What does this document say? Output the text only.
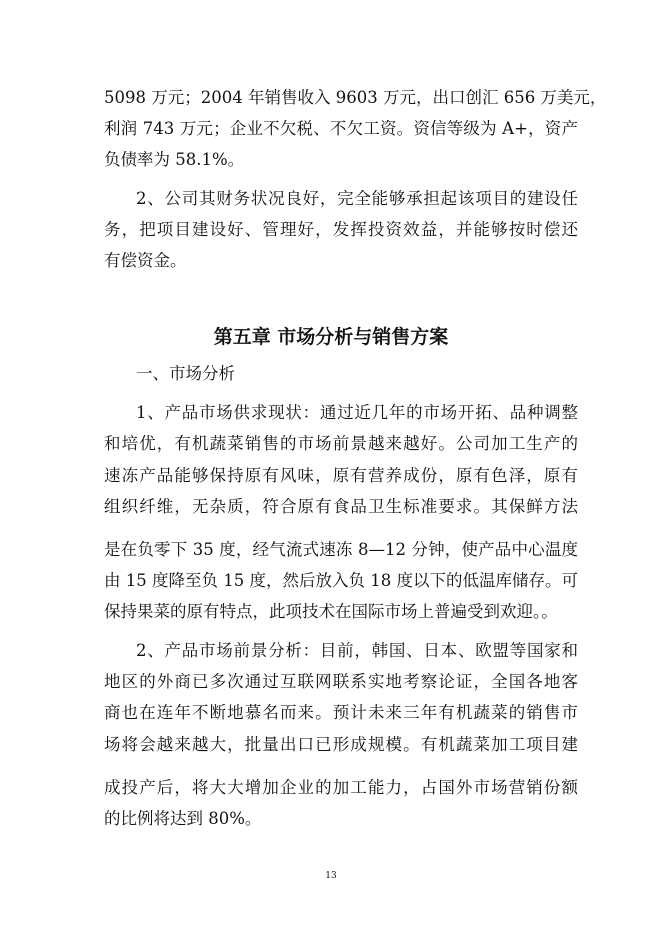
5098 万元；2004 年销售收入 9603 万元，出口创汇 656 万美元，
利润 743 万元；企业不欠税、不欠工资。资信等级为 A+，资产
负债率为 58.1%。
2、公司其财务状况良好，完全能够承担起该项目的建设任
务，把项目建设好、管理好，发挥投资效益，并能够按时偿还
有偿资金。
第五章 市场分析与销售方案
一、市场分析
1、产品市场供求现状：通过近几年的市场开拓、品种调整
和培优，有机蔬菜销售的市场前景越来越好。公司加工生产的
速冻产品能够保持原有风味，原有营养成份，原有色泽，原有
组织纤维，无杂质，符合原有食品卫生标准要求。其保鲜方法
是在负零下 35 度，经气流式速冻 8—12 分钟，使产品中心温度
由 15 度降至负 15 度，然后放入负 18 度以下的低温库储存。可
保持果菜的原有特点，此项技术在国际市场上普遍受到欢迎。。
2、产品市场前景分析：目前，韩国、日本、欧盟等国家和
地区的外商已多次通过互联网联系实地考察论证，全国各地客
商也在连年不断地慕名而来。预计未来三年有机蔬菜的销售市
场将会越来越大，批量出口已形成规模。有机蔬菜加工项目建
成投产后，将大大增加企业的加工能力，占国外市场营销份额
的比例将达到 80%。
13
